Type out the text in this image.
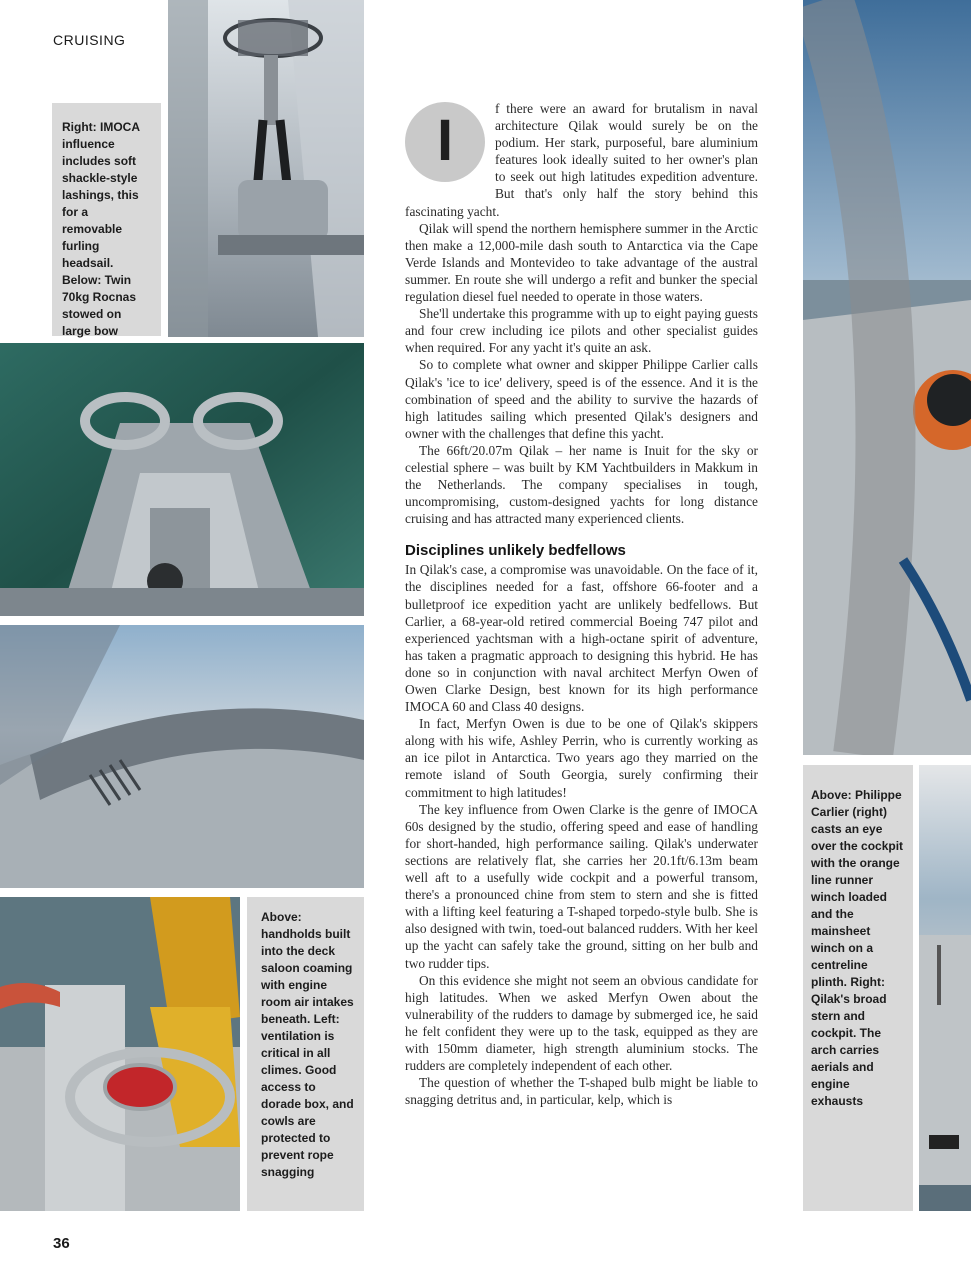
CRUISING
36
Right: IMOCA influence includes soft shackle-style lashings, this for a removable furling headsail. Below: Twin 70kg Rocnas stowed on large bow
Above: handholds built into the deck saloon coaming with engine room air intakes beneath. Left: ventilation is critical in all climes. Good access to dorade box, and cowls are protected to prevent rope snagging
Above: Philippe Carlier (right) casts an eye over the cockpit with the orange line runner winch loaded and the mainsheet winch on a centreline plinth. Right: Qilak's broad stern and cockpit. The arch carries aerials and engine exhausts
I	f there were an award for brutalism in naval architecture Qilak would surely be on the podium. Her stark, purposeful, bare aluminium features look ideally suited to her owner's plan to seek out high latitudes expedition adventure. But that's only half the story behind this fascinating yacht.

Qilak will spend the northern hemisphere summer in the Arctic then make a 12,000-mile dash south to Antarctica via the Cape Verde Islands and Montevideo to take advantage of the austral summer. En route she will undergo a refit and bunker the special regulation diesel fuel needed to operate in those waters.

She'll undertake this programme with up to eight paying guests and four crew including ice pilots and other specialist guides when required. For any yacht it's quite an ask.

So to complete what owner and skipper Philippe Carlier calls Qilak's 'ice to ice' delivery, speed is of the essence. And it is the combination of speed and the ability to survive the hazards of high latitudes sailing which presented Qilak's designers and owner with the challenges that define this yacht.

The 66ft/20.07m Qilak – her name is Inuit for the sky or celestial sphere – was built by KM Yachtbuilders in Makkum in the Netherlands. The company specialises in tough, uncompromising, custom-designed yachts for long distance cruising and has attracted many experienced clients.

Disciplines unlikely bedfellows

In Qilak's case, a compromise was unavoidable. On the face of it, the disciplines needed for a fast, offshore 66-footer and a bulletproof ice expedition yacht are unlikely bedfellows. But Carlier, a 68-year-old retired commercial Boeing 747 pilot and experienced yachtsman with a high-octane spirit of adventure, has taken a pragmatic approach to designing this hybrid. He has done so in conjunction with naval architect Merfyn Owen of Owen Clarke Design, best known for its high performance IMOCA 60 and Class 40 designs.

In fact, Merfyn Owen is due to be one of Qilak's skippers along with his wife, Ashley Perrin, who is currently working as an ice pilot in Antarctica. Two years ago they married on the remote island of South Georgia, surely confirming their commitment to high latitudes!

The key influence from Owen Clarke is the genre of IMOCA 60s designed by the studio, offering speed and ease of handling for short-handed, high performance sailing. Qilak's underwater sections are relatively flat, she carries her 20.1ft/6.13m beam well aft to a usefully wide cockpit and a powerful transom, there's a pronounced chine from stem to stern and she is fitted with a lifting keel featuring a T-shaped torpedo-style bulb. She is also designed with twin, toed-out balanced rudders. With her keel up the yacht can safely take the ground, sitting on her bulb and two rudder tips.

On this evidence she might not seem an obvious candidate for high latitudes. When we asked Merfyn Owen about the vulnerability of the rudders to damage by submerged ice, he said he felt confident they were up to the task, equipped as they are with 150mm diameter, high strength aluminium stocks. The rudders are completely independent of each other.

The question of whether the T-shaped bulb might be liable to snagging detritus and, in particular, kelp, which is
